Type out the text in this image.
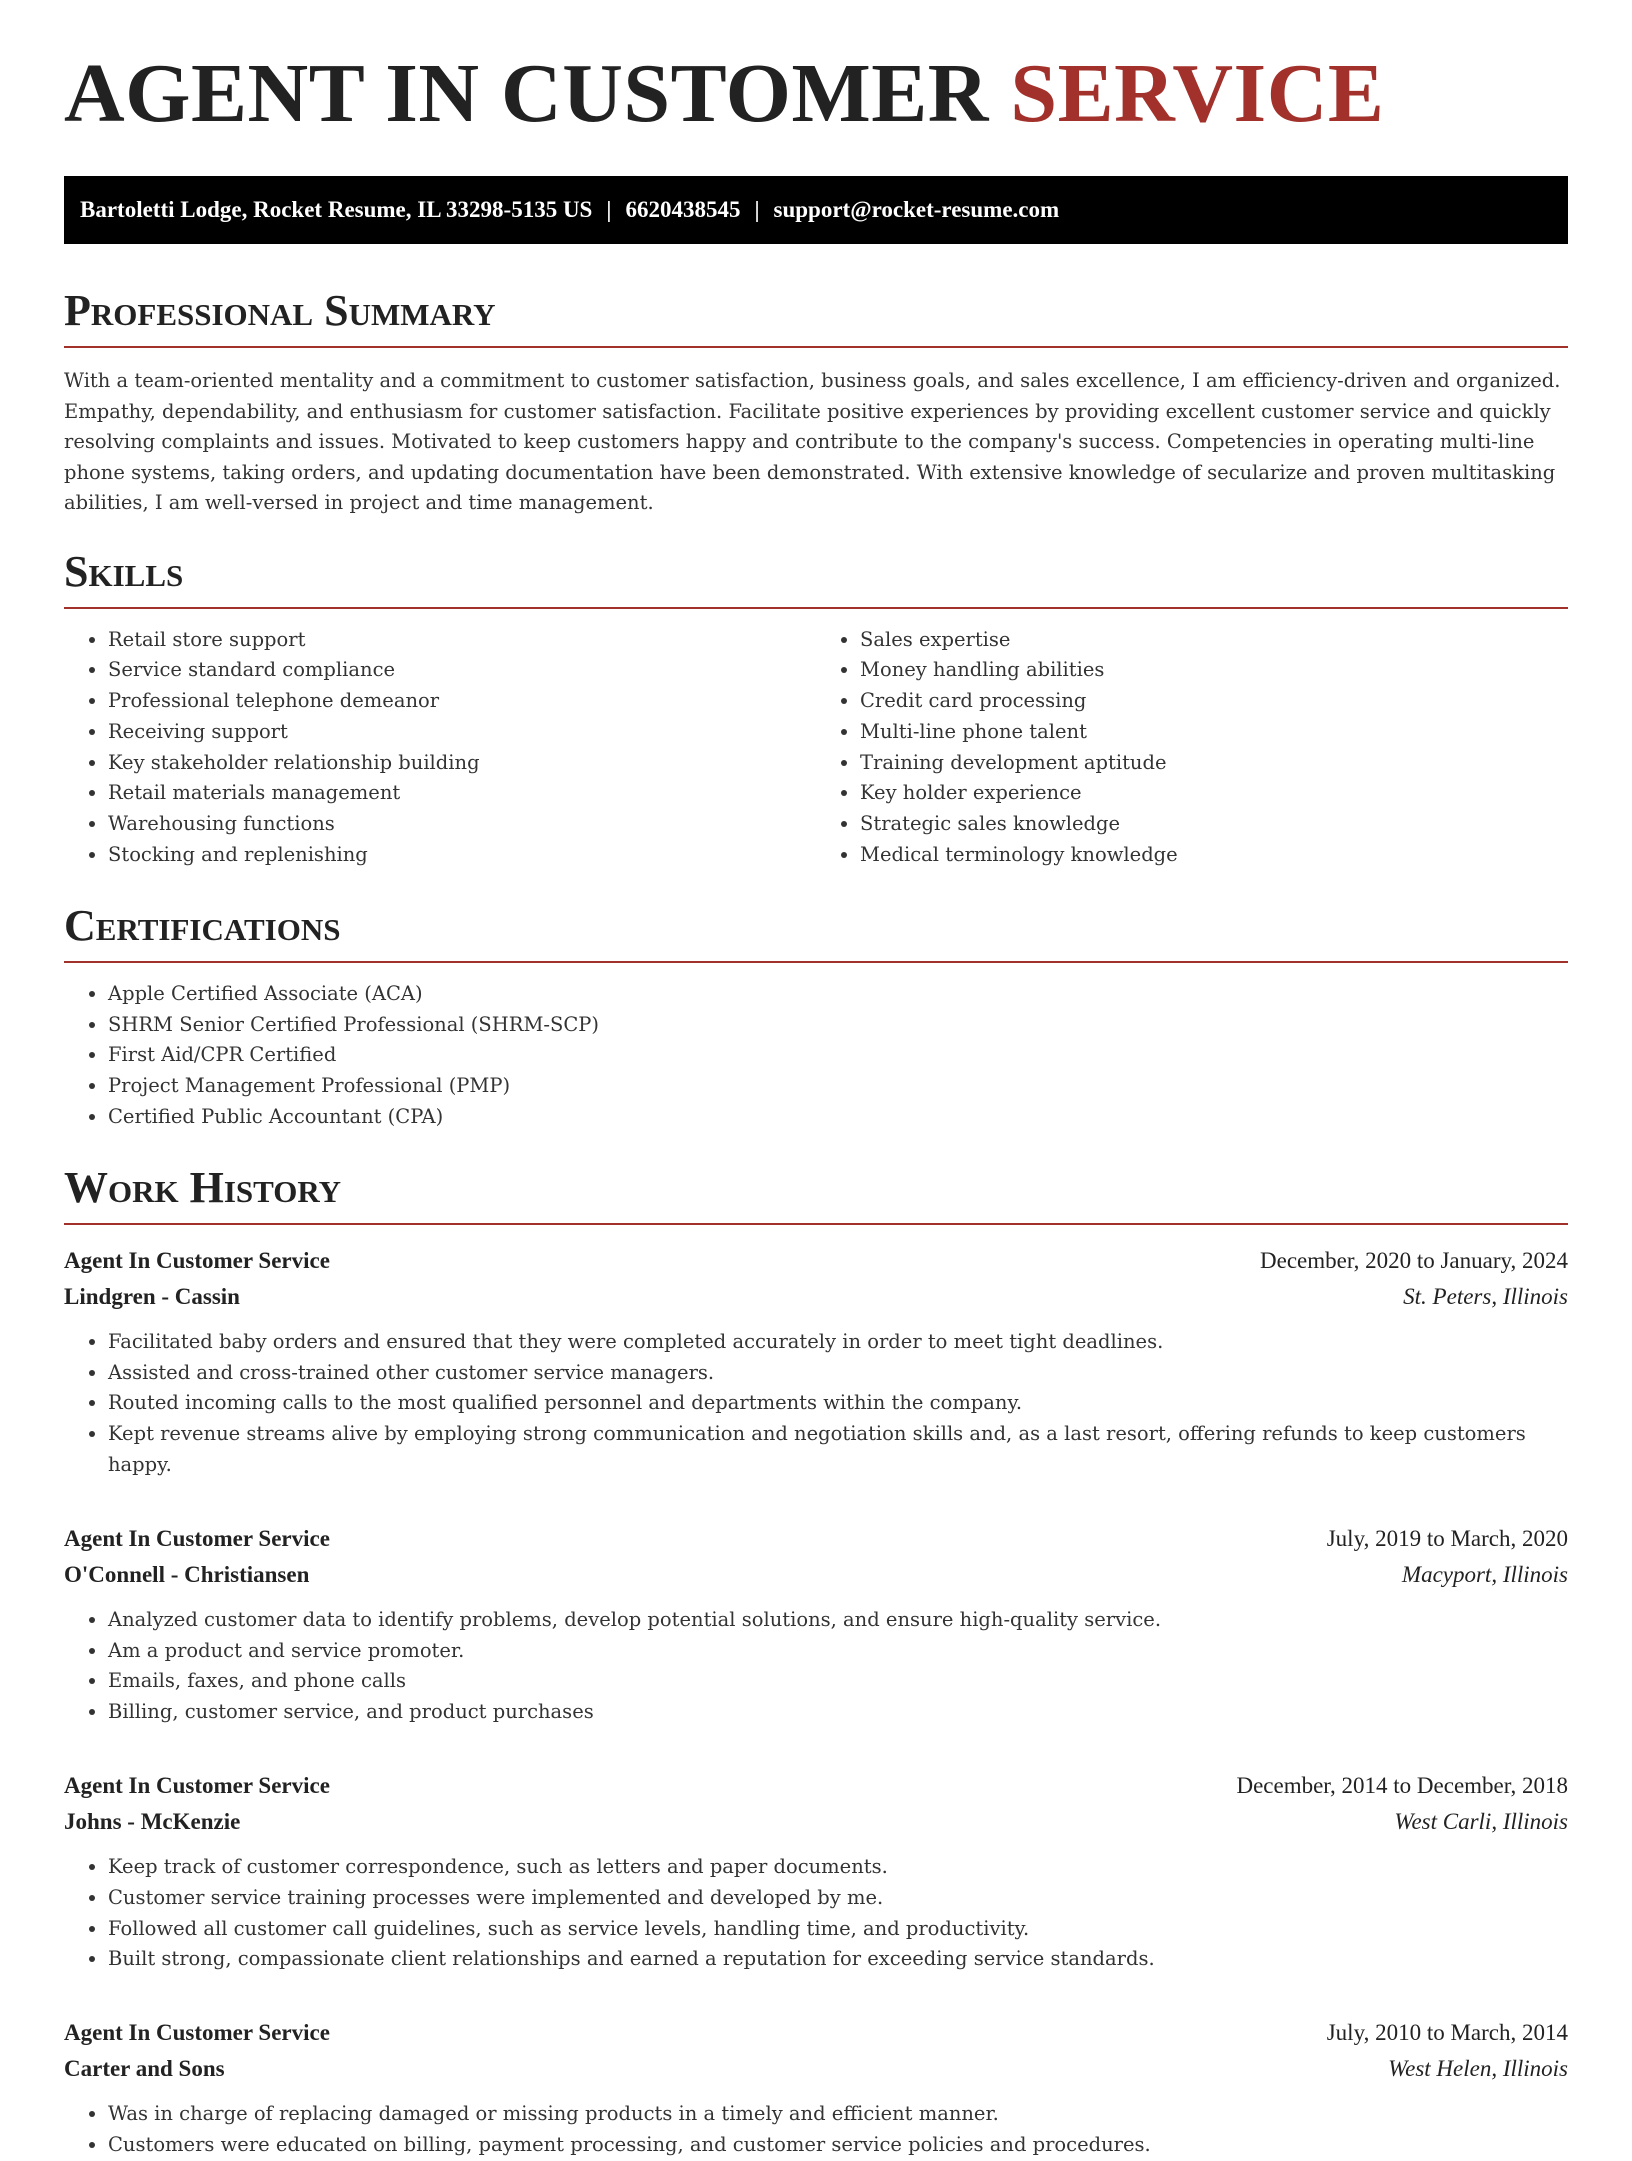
AGENT IN CUSTOMER SERVICE
Bartoletti Lodge, Rocket Resume, IL 33298-5135 US | 6620438545 | support@rocket-resume.com
Professional Summary

With a team-oriented mentality and a commitment to customer satisfaction, business goals, and sales excellence, I am efficiency-driven and organized. Empathy, dependability, and enthusiasm for customer satisfaction. Facilitate positive experiences by providing excellent customer service and quickly resolving complaints and issues. Motivated to keep customers happy and contribute to the company's success. Competencies in operating multi-line phone systems, taking orders, and updating documentation have been demonstrated. With extensive knowledge of secularize and proven multitasking abilities, I am well-versed in project and time management.

Skills
• Retail store support
• Service standard compliance
• Professional telephone demeanor
• Receiving support
• Key stakeholder relationship building
• Retail materials management
• Warehousing functions
• Stocking and replenishing
• Sales expertise
• Money handling abilities
• Credit card processing
• Multi-line phone talent
• Training development aptitude
• Key holder experience
• Strategic sales knowledge
• Medical terminology knowledge
Certifications
• Apple Certified Associate (ACA)
• SHRM Senior Certified Professional (SHRM-SCP)
• First Aid/CPR Certified
• Project Management Professional (PMP)
• Certified Public Accountant (CPA)
Work History
Agent In Customer Service	December, 2020 to January, 2024
Lindgren - Cassin	St. Peters, Illinois
• Facilitated baby orders and ensured that they were completed accurately in order to meet tight deadlines.
• Assisted and cross-trained other customer service managers.
• Routed incoming calls to the most qualified personnel and departments within the company.
• Kept revenue streams alive by employing strong communication and negotiation skills and, as a last resort, offering refunds to keep customers happy.
Agent In Customer Service	July, 2019 to March, 2020
O'Connell - Christiansen	Macyport, Illinois
• Analyzed customer data to identify problems, develop potential solutions, and ensure high-quality service.
• Am a product and service promoter.
• Emails, faxes, and phone calls
• Billing, customer service, and product purchases
Agent In Customer Service	December, 2014 to December, 2018
Johns - McKenzie	West Carli, Illinois
• Keep track of customer correspondence, such as letters and paper documents.
• Customer service training processes were implemented and developed by me.
• Followed all customer call guidelines, such as service levels, handling time, and productivity.
• Built strong, compassionate client relationships and earned a reputation for exceeding service standards.
Agent In Customer Service	July, 2010 to March, 2014
Carter and Sons	West Helen, Illinois
• Was in charge of replacing damaged or missing products in a timely and efficient manner.
• Customers were educated on billing, payment processing, and customer service policies and procedures.
